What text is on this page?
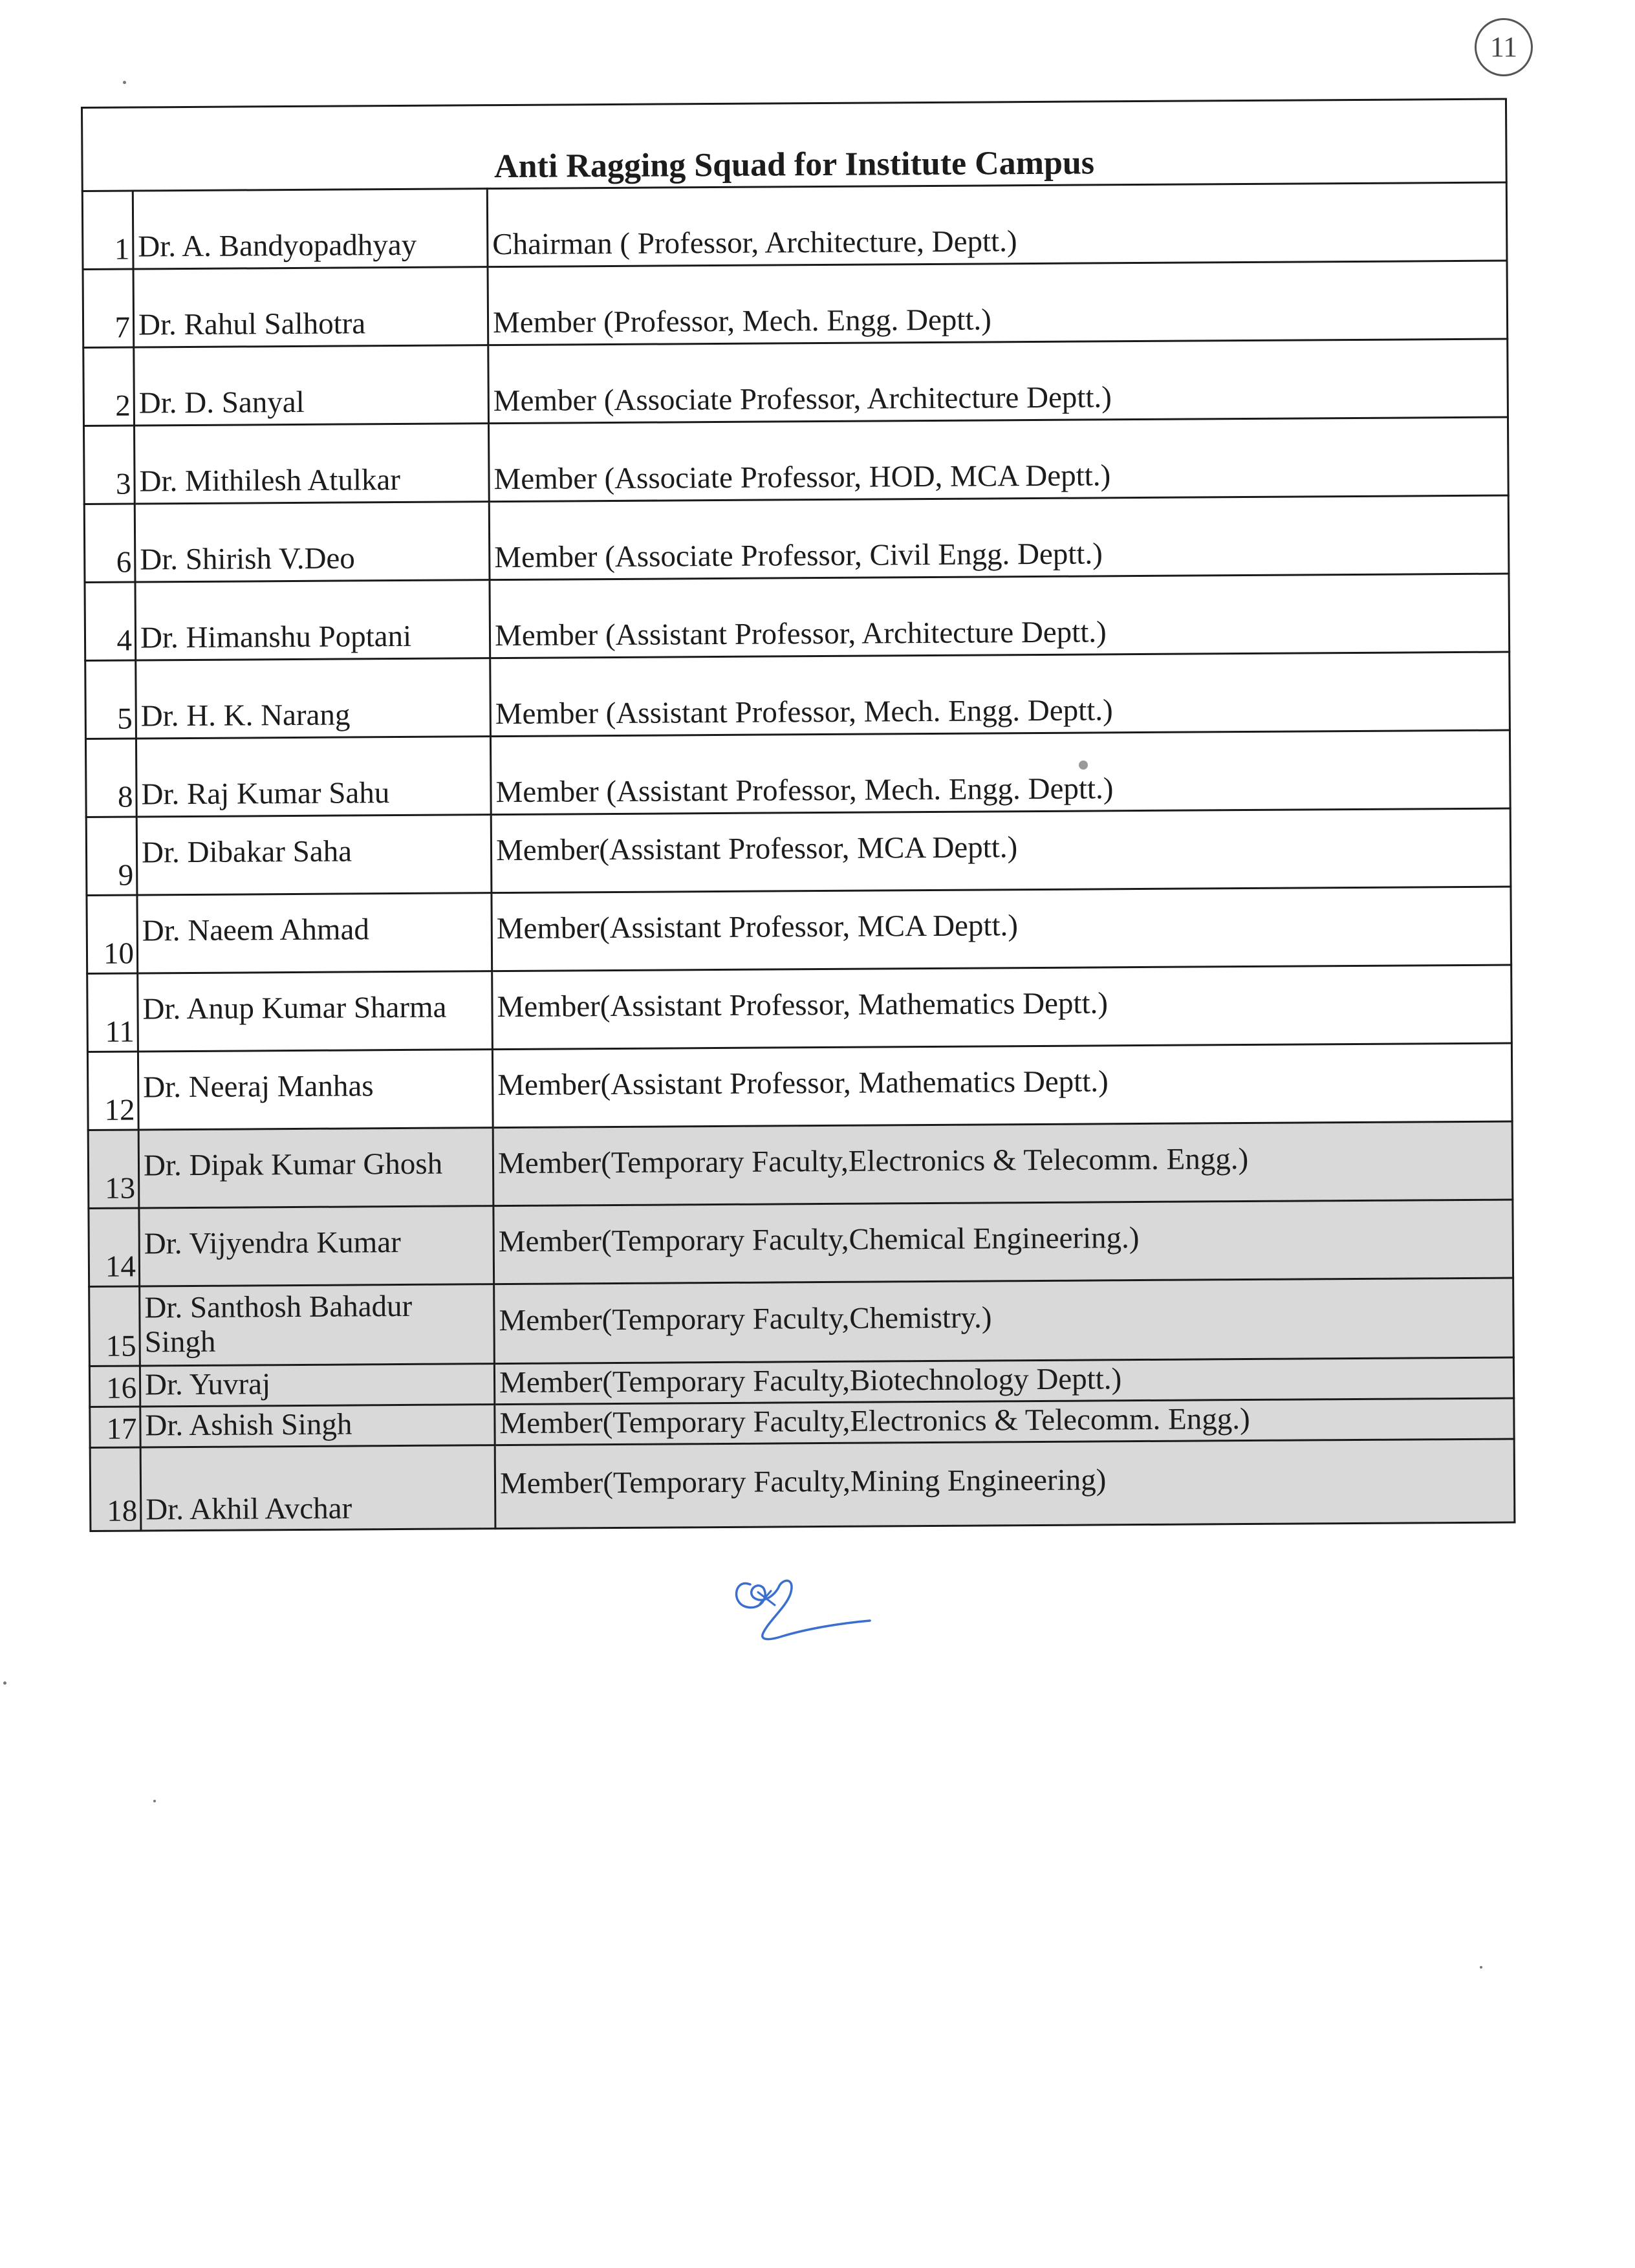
11
Anti Ragging Squad for Institute Campus		
1	Dr. A. Bandyopadhyay	Chairman ( Professor, Architecture, Deptt.)
7	Dr. Rahul Salhotra	Member (Professor, Mech. Engg. Deptt.)
2	Dr. D. Sanyal	Member (Associate Professor, Architecture Deptt.)
3	Dr. Mithilesh Atulkar	Member (Associate Professor, HOD, MCA Deptt.)
6	Dr. Shirish V.Deo	Member (Associate Professor, Civil Engg. Deptt.)
4	Dr. Himanshu Poptani	Member (Assistant Professor, Architecture Deptt.)
5	Dr. H. K. Narang	Member (Assistant Professor, Mech. Engg. Deptt.)
8	Dr. Raj Kumar Sahu	Member (Assistant Professor, Mech. Engg. Deptt.)
9	Dr. Dibakar Saha	Member(Assistant Professor, MCA Deptt.)
10	Dr. Naeem Ahmad	Member(Assistant Professor, MCA Deptt.)
11	Dr. Anup Kumar Sharma	Member(Assistant Professor, Mathematics Deptt.)
12	Dr. Neeraj Manhas	Member(Assistant Professor, Mathematics Deptt.)
13	Dr. Dipak Kumar Ghosh	Member(Temporary Faculty,Electronics & Telecomm. Engg.)
14	Dr. Vijyendra Kumar	Member(Temporary Faculty,Chemical Engineering.)
15	Dr. Santhosh Bahadur Singh	Member(Temporary Faculty,Chemistry.)
16	Dr. Yuvraj	Member(Temporary Faculty,Biotechnology Deptt.)
17	Dr. Ashish Singh	Member(Temporary Faculty,Electronics & Telecomm. Engg.)
18	Dr. Akhil Avchar	Member(Temporary Faculty,Mining Engineering)
